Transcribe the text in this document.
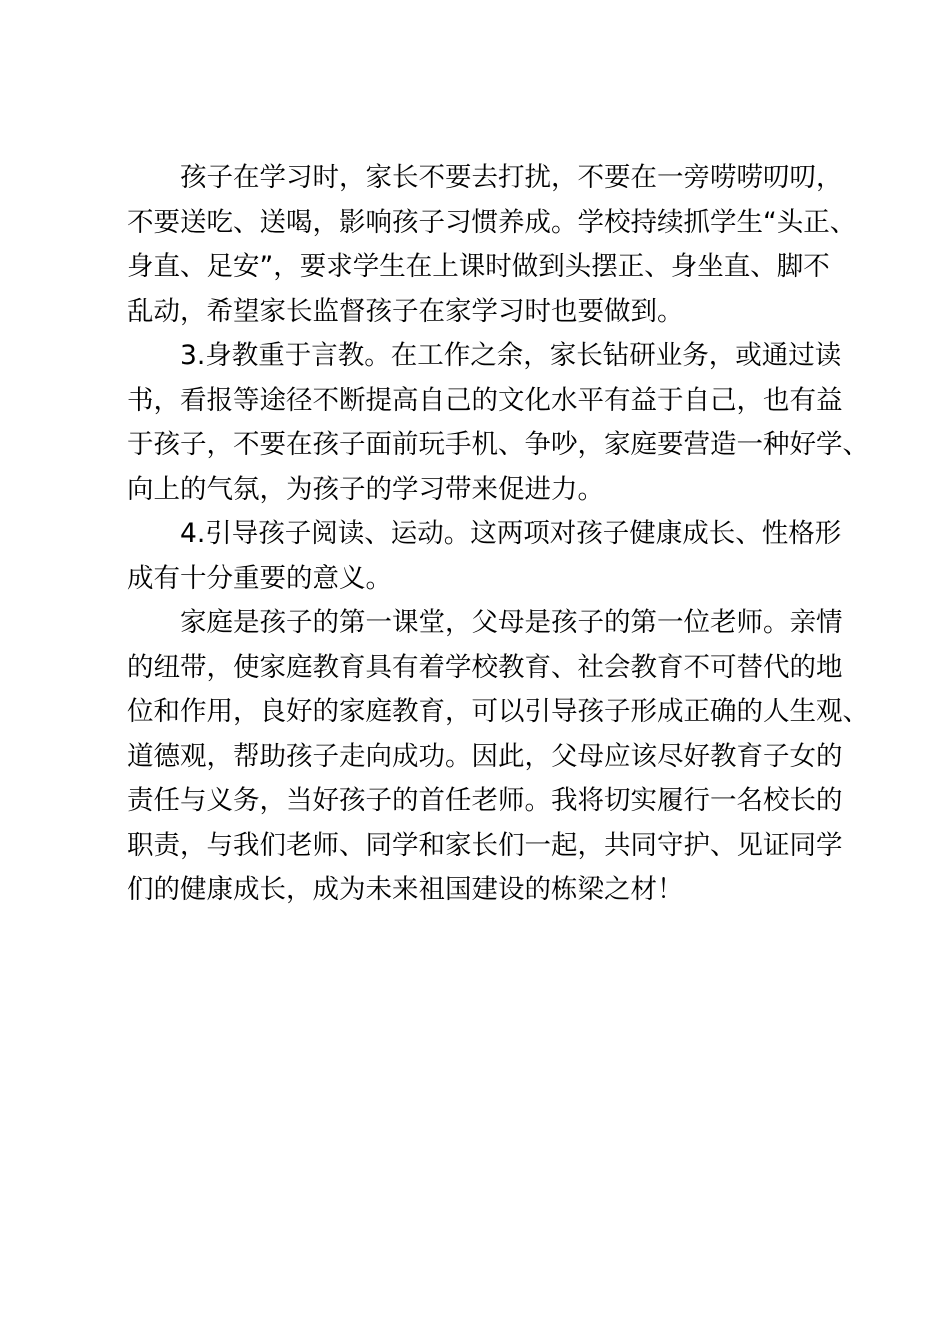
孩子在学习时，家长不要去打扰，不要在一旁唠唠叨叨，
不要送吃、送喝，影响孩子习惯养成。学校持续抓学生“头正、
身直、足安”，要求学生在上课时做到头摆正、身坐直、脚不
乱动，希望家长监督孩子在家学习时也要做到。
3.身教重于言教。在工作之余，家长钻研业务，或通过读
书，看报等途径不断提高自己的文化水平有益于自己，也有益
于孩子，不要在孩子面前玩手机、争吵，家庭要营造一种好学、
向上的气氛，为孩子的学习带来促进力。
4.引导孩子阅读、运动。这两项对孩子健康成长、性格形
成有十分重要的意义。
家庭是孩子的第一课堂，父母是孩子的第一位老师。亲情
的纽带，使家庭教育具有着学校教育、社会教育不可替代的地
位和作用，良好的家庭教育，可以引导孩子形成正确的人生观、
道德观，帮助孩子走向成功。因此，父母应该尽好教育子女的
责任与义务，当好孩子的首任老师。我将切实履行一名校长的
职责，与我们老师、同学和家长们一起，共同守护、见证同学
们的健康成长，成为未来祖国建设的栋梁之材！
